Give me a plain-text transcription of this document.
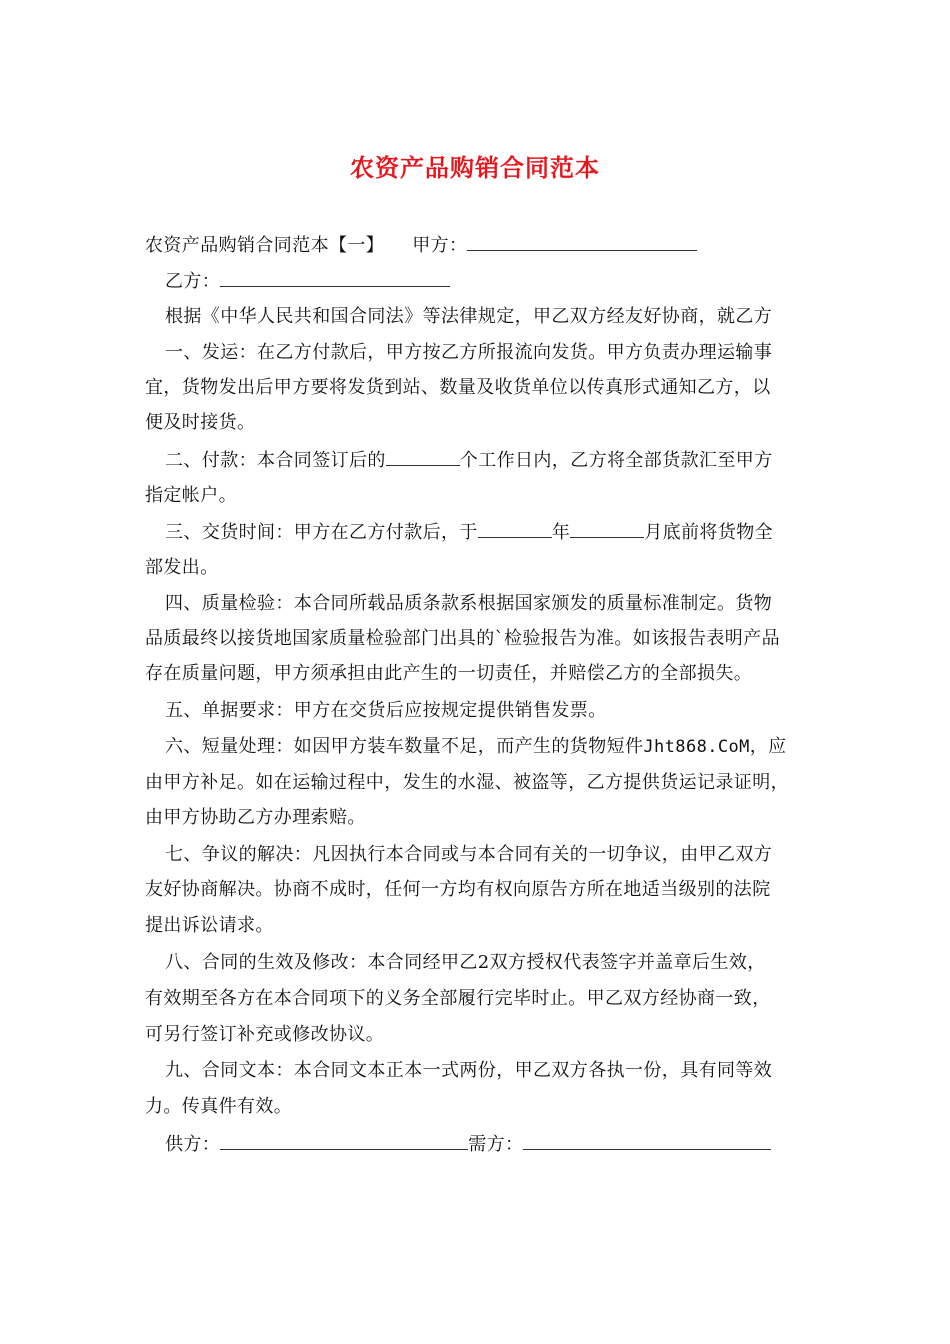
农资产品购销合同范本
农资产品购销合同范本【一】 甲方：
乙方：
根据《中华人民共和国合同法》等法律规定，甲乙双方经友好协商，就乙方
一、发运：在乙方付款后，甲方按乙方所报流向发货。甲方负责办理运输事
宜，货物发出后甲方要将发货到站、数量及收货单位以传真形式通知乙方，以
便及时接货。
二、付款：本合同签订后的	个工作日内，乙方将全部货款汇至甲方
指定帐户。
三、交货时间：甲方在乙方付款后，于	年	月底前将货物全
部发出。
四、质量检验：本合同所载品质条款系根据国家颁发的质量标准制定。货物
品质最终以接货地国家质量检验部门出具的`检验报告为准。如该报告表明产品
存在质量问题，甲方须承担由此产生的一切责任，并赔偿乙方的全部损失。
五、单据要求：甲方在交货后应按规定提供销售发票。
六、短量处理：如因甲方装车数量不足，而产生的货物短件Jht868.CoM，应
由甲方补足。如在运输过程中，发生的水湿、被盗等，乙方提供货运记录证明，
由甲方协助乙方办理索赔。
七、争议的解决：凡因执行本合同或与本合同有关的一切争议，由甲乙双方
友好协商解决。协商不成时，任何一方均有权向原告方所在地适当级别的法院
提出诉讼请求。
八、合同的生效及修改：本合同经甲乙2双方授权代表签字并盖章后生效，
有效期至各方在本合同项下的义务全部履行完毕时止。甲乙双方经协商一致，
可另行签订补充或修改协议。
九、合同文本：本合同文本正本一式两份，甲乙双方各执一份，具有同等效
力。传真件有效。
供方：	需方：
